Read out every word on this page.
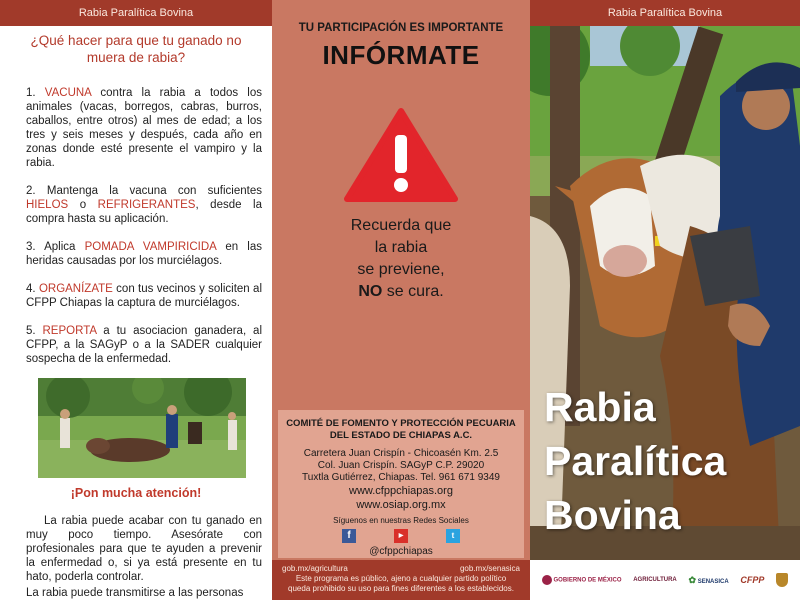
Rabia Paralítica Bovina
¿Qué hacer para que tu ganado no muera de rabia?

1. VACUNA contra la rabia a todos los animales (vacas, borregos, cabras, burros, caballos, entre otros) al mes de edad; a los tres y seis meses y después, cada año en zonas donde esté presente el vampiro y la rabia.

2. Mantenga la vacuna con suficientes HIELOS o REFRIGERANTES, desde la compra hasta su aplicación.

3. Aplica POMADA VAMPIRICIDA en las heridas causadas por los murciélagos.

4. ORGANÍZATE con tus vecinos y soliciten al CFPP Chiapas la captura de murciélagos.

5. REPORTA a tu asociacion ganadera, al CFPP, a la SAGyP o a la SADER cualquier sospecha de la enfermedad.

¡Pon mucha atención!

La rabia puede acabar con tu ganado en muy poco tiempo. Asesórate con profesionales para que te ayuden a prevenir la enfermedad o, si ya está presente en tu hato, poderla controlar.

La rabia puede transmitirse a las personas

TU PARTICIPACIÓN ES IMPORTANTE
INFÓRMATE
Recuerda que
la rabia
se previene,
NO se cura.
COMITÉ DE FOMENTO Y PROTECCIÓN PECUARIA
DEL ESTADO DE CHIAPAS A.C.
Carretera Juan Crispín - Chicoasén Km. 2.5
Col. Juan Crispín. SAGyP C.P. 29020
Tuxtla Gutiérrez, Chiapas. Tel. 961 671 9349
www.cfppchiapas.org
www.osiap.org.mx
Síguenos en nuestras Redes Sociales
f	▶	t
@cfppchiapas
gob.mx/agricultura	gob.mx/senasica
Este programa es público, ajeno a cualquier partido político
queda prohibido su uso para fines diferentes a los establecidos.
Rabia Paralítica Bovina
Rabia
Paralítica
Bovina
GOBIERNO DE MÉXICO AGRICULTURA ✿ SENASICA CFPP
